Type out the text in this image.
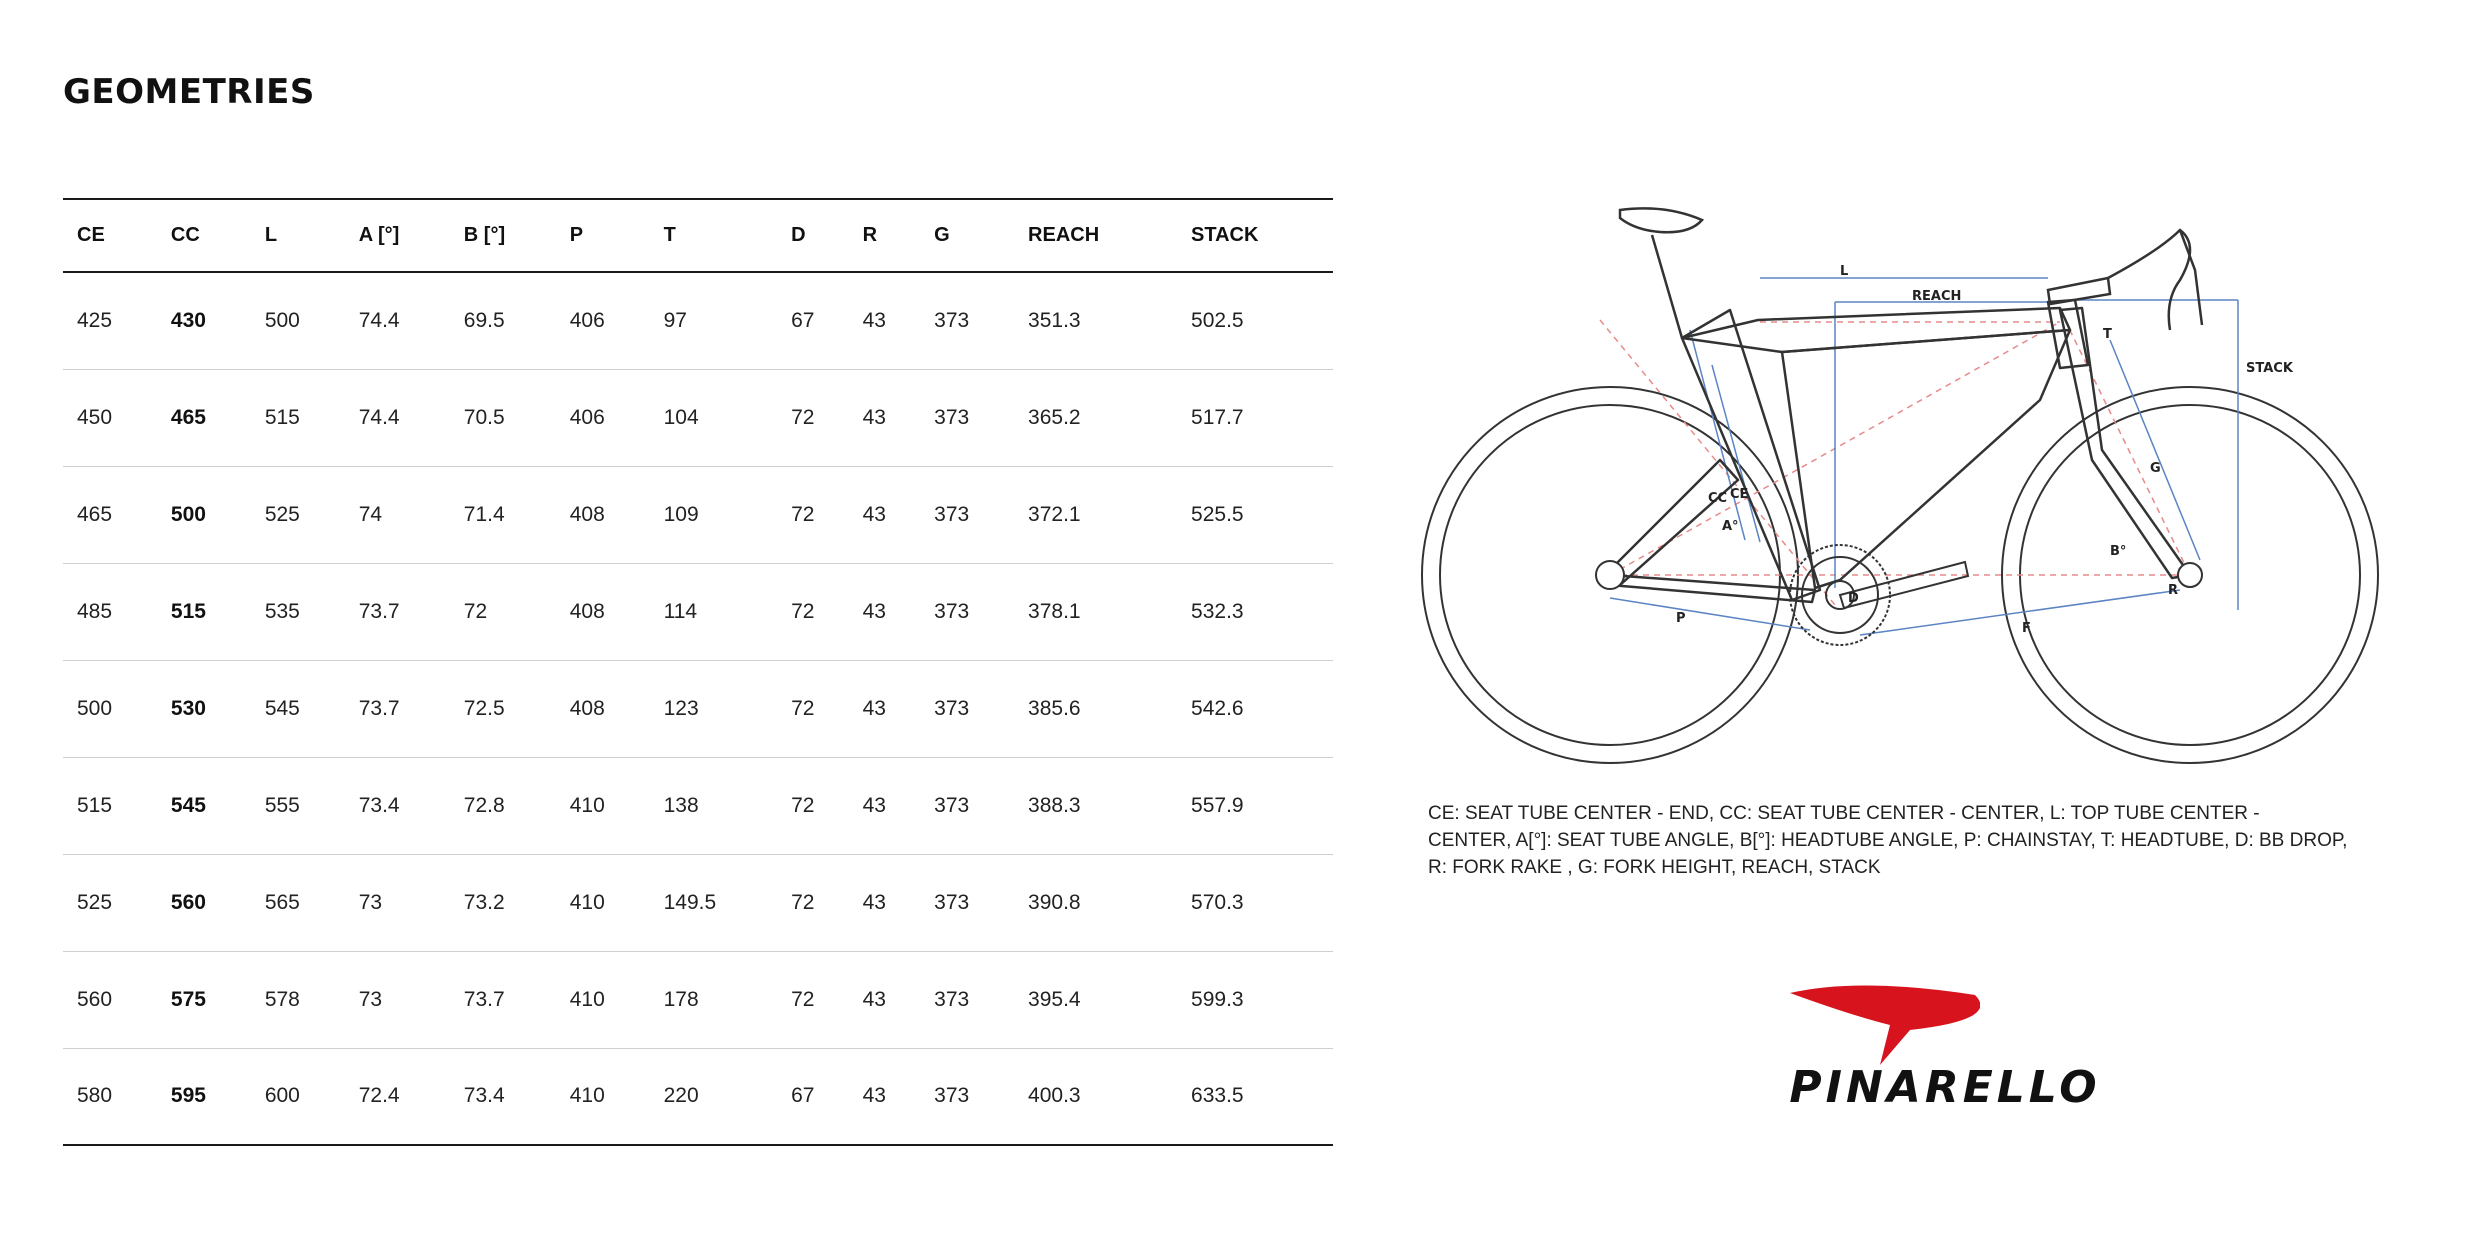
GEOMETRIES
CE	CC	L	A [°]	B [°]	P	T	D	R	G	REACH	STACK
425	430	500	74.4	69.5	406	97	67	43	373	351.3	502.5
450	465	515	74.4	70.5	406	104	72	43	373	365.2	517.7
465	500	525	74	71.4	408	109	72	43	373	372.1	525.5
485	515	535	73.7	72	408	114	72	43	373	378.1	532.3
500	530	545	73.7	72.5	408	123	72	43	373	385.6	542.6
515	545	555	73.4	72.8	410	138	72	43	373	388.3	557.9
525	560	565	73	73.2	410	149.5	72	43	373	390.8	570.3
560	575	578	73	73.7	410	178	72	43	373	395.4	599.3
580	595	600	72.4	73.4	410	220	67	43	373	400.3	633.5
L
REACH
STACK
T
G
CC CE
A°
B°
D
R
P
F

CE: SEAT TUBE CENTER - END, CC: SEAT TUBE CENTER - CENTER, L: TOP TUBE CENTER - CENTER, A[°]: SEAT TUBE ANGLE, B[°]: HEADTUBE ANGLE, P: CHAINSTAY, T: HEADTUBE, D: BB DROP, R: FORK RAKE , G: FORK HEIGHT, REACH, STACK

PINARELLO
